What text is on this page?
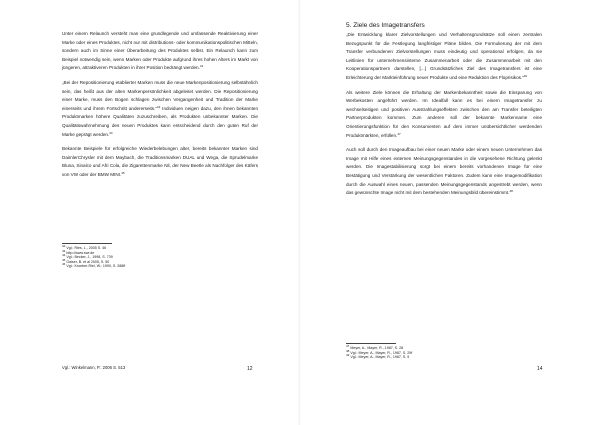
Unter einem Relaunch versteht man eine grundlegende und umfassende Reaktivierung einer Marke oder eines Produktes, nicht nur mit distributions- oder kommunikationspolitischen Mitteln, sondern auch im Sinne einer Überarbeitung des Produktes selbst. Ein Relaunch kann zum Beispiel notwendig sein, wenn Marken oder Produkte aufgrund ihres hohen Alters im Markt von jüngeren, attraktiveren Produkten in ihrer Position bedrängt werden.$^{42}$

„Bei der Repositionierung etablierter Marken muss die neue Markenpositionierung selbstähnlich sein, das heißt aus der alten Markenpersönlichkeit abgeleitet werden. Die Repositionierung einer Marke, muss den Bogen schlagen zwischen Vergangenheit und Tradition der Marke einerseits und ihrem Fortschritt andererseits.“$^{43}$ Individuen neigen dazu, den ihnen bekannten Produktmarken höhere Qualitäten zuzuschreiben, als Produkten unbekannter Marken. Die Qualitätswahrnehmung des neuen Produktes kann entscheidend durch den guten Ruf der Marke geprägt werden.$^{44}$

Bekannte Beispiele für erfolgreiche Wiederbelebungen alter, bereits bekannter Marken sind DaimlerChrysler mit dem Maybach, die Traditionsmarken DUAL und Wega, die Sprudelmarke Bluna, Sinalco und Afri Cola, die Zigarettenmarke Nil, der New Beetle als Nachfolger des Käfers von VW oder der BMW MINI.$^{45}$

$^{42}$ Vgl.: Ries, L., 2005 S. 46

$^{43}$ http://www.swr.de

$^{44}$ Vgl.: Becker, J., 1998, S. 739

$^{45}$ Gaiser, B. et al 2005, S. 50

$^{46}$ Vgl.: Kroeber-Riel, W.: 1990, S. 288ff

Vgl.: Winkelmann, P.: 2006 S. 513	12
5. Ziele des Imagetransfers

„Die Entwicklung klarer Zielvorstellungen und Verhaltensgrundsätze soll einen zentralen Bezugspunkt für die Festlegung langfristiger Pläne bilden. Die Formulierung der mit dem Transfer verbundenen Zielvorstellungen muss eindeutig und operational erfolgen, da sie Leitlinien für unternehmensinterne Zusammenarbeit oder die Zusammenarbeit mit den Kooperationspartnern darstellen, [...] Grundsätzliches Ziel des Imagetransfers ist eine Erleichterung der Markteinführung neuer Produkte und eine Reduktion des Floprisikos.“$^{46}$

Als weitere Ziele können die Erhaltung der Markenbekanntheit sowie die Einsparung von Werbekosten angeführt werden. Im Idealfall kann es bei einem Imagetransfer zu wechselseitigen und positiven Ausstrahlungseffekten zwischen den am Transfer beteiligten Partnerprodukten kommen. Zum anderen soll der bekannte Markenname eine Orientierungsfunktion für den Konsumenten auf dem immer unübersichtlicher werdenden Produktmärkten, erfüllen.$^{47}$

Auch soll durch den Imageaufbau bei einer neuen Marke oder einem neuen Unternehmen das Image mit Hilfe eines externen Meinungsgegenstandes in die vorgesehene Richtung gelenkt werden. Die Imagestabilisierung sorgt bei einem bereits vorhandenen Image für eine Bestätigung und Verstärkung der wesentlichen Faktoren. Zudem kann eine Imagemodifikation durch die Auswahl eines neuen, passenden Meinungsgegenstands angestrebt werden, wenn das gewünschte Image nicht mit dem bestehenden Meinungsbild übereinstimmt.$^{48}$

$^{47}$ Meyer, A., Mayer, R., 1987, S. 28

$^{48}$ Vgl.: Meyer, A., Mayer, R., 1987, S. 29f

$^{49}$ Vgl.: Meyer, A., Mayer, R., 1987, S. 9

14
